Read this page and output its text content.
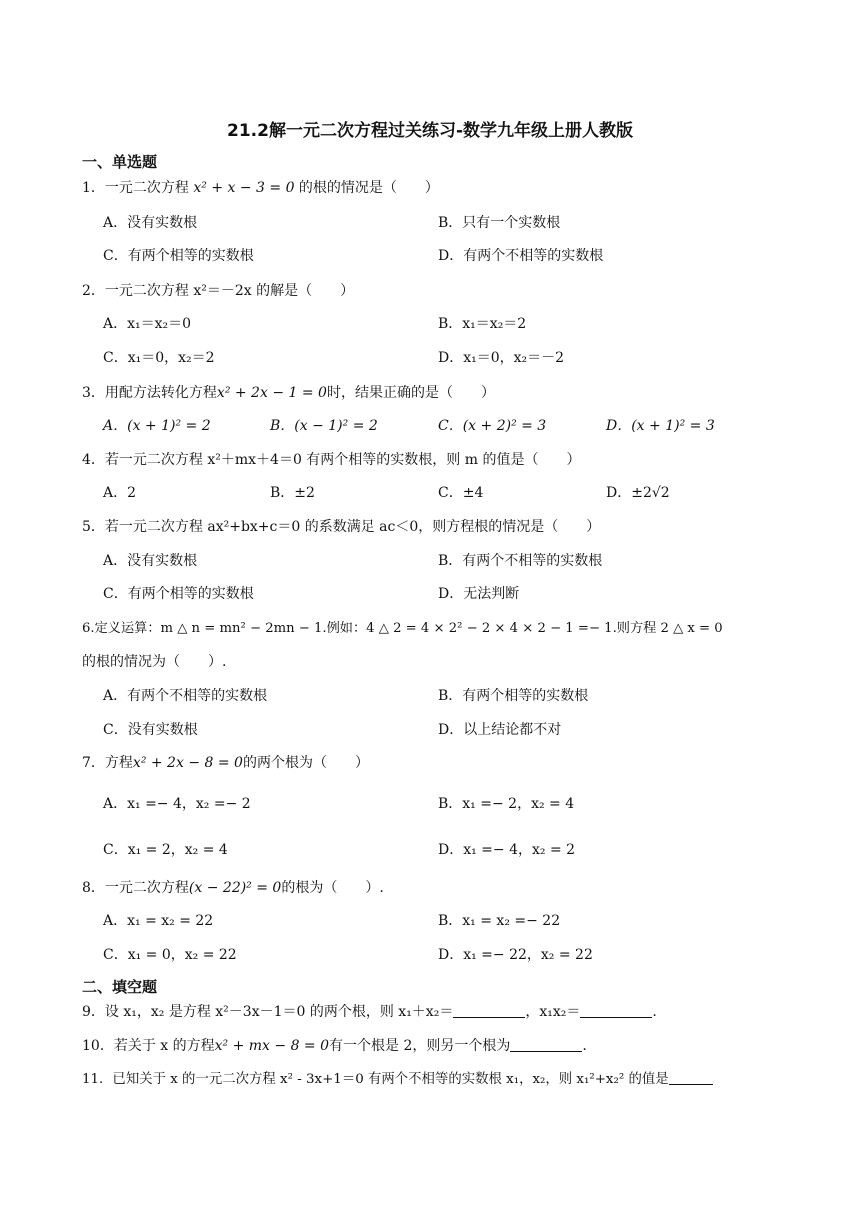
21.2解一元二次方程过关练习-数学九年级上册人教版
一、单选题
1．一元二次方程 x² + x − 3 = 0 的根的情况是（　　）
A．没有实数根	B．只有一个实数根
C．有两个相等的实数根	D．有两个不相等的实数根
2．一元二次方程 x²＝－2x 的解是（　　）
A．x₁＝x₂＝0	B．x₁＝x₂＝2
C．x₁＝0，x₂＝2	D．x₁＝0，x₂＝－2
3．用配方法转化方程x² + 2x − 1 = 0时，结果正确的是（　　）
A．(x + 1)² = 2	B．(x − 1)² = 2	C．(x + 2)² = 3	D．(x + 1)² = 3
4．若一元二次方程 x²＋mx＋4＝0 有两个相等的实数根，则 m 的值是（　　）
A．2	B．±2	C．±4	D．±2√2
5．若一元二次方程 ax²+bx+c＝0 的系数满足 ac＜0，则方程根的情况是（　　）
A．没有实数根	B．有两个不相等的实数根
C．有两个相等的实数根	D．无法判断
6.定义运算：m △ n = mn² − 2mn − 1.例如：4 △ 2 = 4 × 2² − 2 × 4 × 2 − 1 =− 1.则方程 2 △ x = 0
的根的情况为（　　）.
A．有两个不相等的实数根	B．有两个相等的实数根
C．没有实数根	D．以上结论都不对
7．方程x² + 2x − 8 = 0的两个根为（　　）
A．x₁ =− 4，x₂ =− 2	B．x₁ =− 2，x₂ = 4
C．x₁ = 2，x₂ = 4	D．x₁ =− 4，x₂ = 2
8．一元二次方程(x − 22)² = 0的根为（　　）.
A．x₁ = x₂ = 22	B．x₁ = x₂ =− 22
C．x₁ = 0，x₂ = 22	D．x₁ =− 22，x₂ = 22
二、填空题
9．设 x₁，x₂ 是方程 x²－3x－1＝0 的两个根，则 x₁＋x₂＝	，x₁x₂＝	.
10．若关于 x 的方程x² + mx − 8 = 0有一个根是 2，则另一个根为	.
11．已知关于 x 的一元二次方程 x² - 3x+1＝0 有两个不相等的实数根 x₁，x₂，则 x₁²+x₂² 的值是
